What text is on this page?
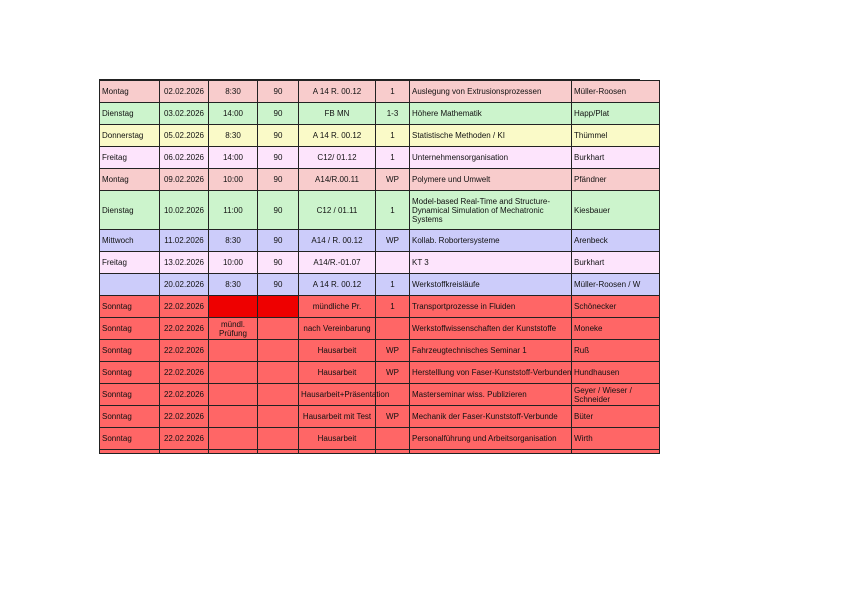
Montag	02.02.2026	8:30	90	A 14 R. 00.12	1	Auslegung von Extrusionsprozessen	Müller-Roosen
Dienstag	03.02.2026	14:00	90	FB MN	1-3	Höhere Mathematik	Happ/Plat
Donnerstag	05.02.2026	8:30	90	A 14 R. 00.12	1	Statistische Methoden / KI	Thümmel
Freitag	06.02.2026	14:00	90	C12/ 01.12	1	Unternehmensorganisation	Burkhart
Montag	09.02.2026	10:00	90	A14/R.00.11	WP	Polymere und Umwelt	Pfändner
Dienstag	10.02.2026	11:00	90	C12 / 01.11	1	Model-based Real-Time and Structure-Dynamical Simulation of Mechatronic Systems	Kiesbauer
Mittwoch	11.02.2026	8:30	90	A14 / R. 00.12	WP	Kollab. Robortersysteme	Arenbeck
Freitag	13.02.2026	10:00	90	A14/R.-01.07		KT 3	Burkhart
	20.02.2026	8:30	90	A 14 R. 00.12	1	Werkstoffkreisläufe	Müller-Roosen / W
Sonntag	22.02.2026			mündliche Pr.	1	Transportprozesse in Fluiden	Schönecker
Sonntag	22.02.2026	mündl. Prüfung		nach Vereinbarung		Werkstoffwissenschaften der Kunststoffe	Moneke
Sonntag	22.02.2026			Hausarbeit	WP	Fahrzeugtechnisches Seminar 1	Ruß
Sonntag	22.02.2026			Hausarbeit	WP	Herstelllung von Faser-Kunststoff-Verbunden	Hundhausen
Sonntag	22.02.2026			Hausarbeit+Präsentation		Masterseminar wiss. Publizieren	Geyer / Wieser / Schneider
Sonntag	22.02.2026			Hausarbeit mit Test	WP	Mechanik der Faser-Kunststoff-Verbunde	Büter
Sonntag	22.02.2026			Hausarbeit		Personalführung und Arbeitsorganisation	Wirth
